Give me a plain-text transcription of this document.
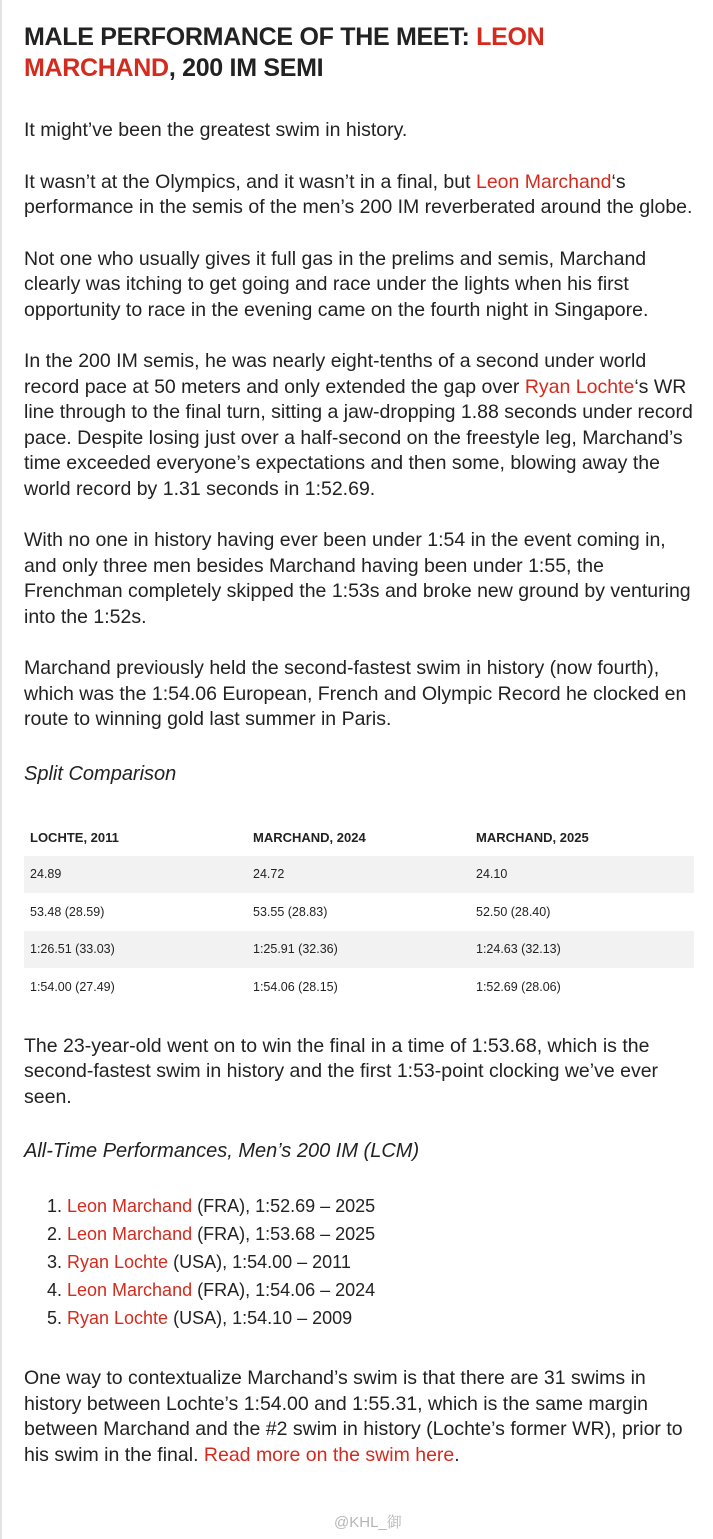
MALE PERFORMANCE OF THE MEET: LEON MARCHAND, 200 IM SEMI

It might’ve been the greatest swim in history.

It wasn’t at the Olympics, and it wasn’t in a final, but Leon Marchand‘s performance in the semis of the men’s 200 IM reverberated around the globe.

Not one who usually gives it full gas in the prelims and semis, Marchand clearly was itching to get going and race under the lights when his first opportunity to race in the evening came on the fourth night in Singapore.

In the 200 IM semis, he was nearly eight-tenths of a second under world record pace at 50 meters and only extended the gap over Ryan Lochte‘s WR line through to the final turn, sitting a jaw-dropping 1.88 seconds under record pace. Despite losing just over a half-second on the freestyle leg, Marchand’s time exceeded everyone’s expectations and then some, blowing away the world record by 1.31 seconds in 1:52.69.

With no one in history having ever been under 1:54 in the event coming in, and only three men besides Marchand having been under 1:55, the Frenchman completely skipped the 1:53s and broke new ground by venturing into the 1:52s.

Marchand previously held the second-fastest swim in history (now fourth), which was the 1:54.06 European, French and Olympic Record he clocked en route to winning gold last summer in Paris.

Split Comparison

LOCHTE, 2011	MARCHAND, 2024	MARCHAND, 2025
24.89	24.72	24.10
53.48 (28.59)	53.55 (28.83)	52.50 (28.40)
1:26.51 (33.03)	1:25.91 (32.36)	1:24.63 (32.13)
1:54.00 (27.49)	1:54.06 (28.15)	1:52.69 (28.06)

The 23-year-old went on to win the final in a time of 1:53.68, which is the second-fastest swim in history and the first 1:53-point clocking we’ve ever seen.

All-Time Performances, Men’s 200 IM (LCM)

1. Leon Marchand (FRA), 1:52.69 – 2025
2. Leon Marchand (FRA), 1:53.68 – 2025
3. Ryan Lochte (USA), 1:54.00 – 2011
4. Leon Marchand (FRA), 1:54.06 – 2024
5. Ryan Lochte (USA), 1:54.10 – 2009

One way to contextualize Marchand’s swim is that there are 31 swims in history between Lochte’s 1:54.00 and 1:55.31, which is the same margin between Marchand and the #2 swim in history (Lochte’s former WR), prior to his swim in the final. Read more on the swim here.

@KHL_御
